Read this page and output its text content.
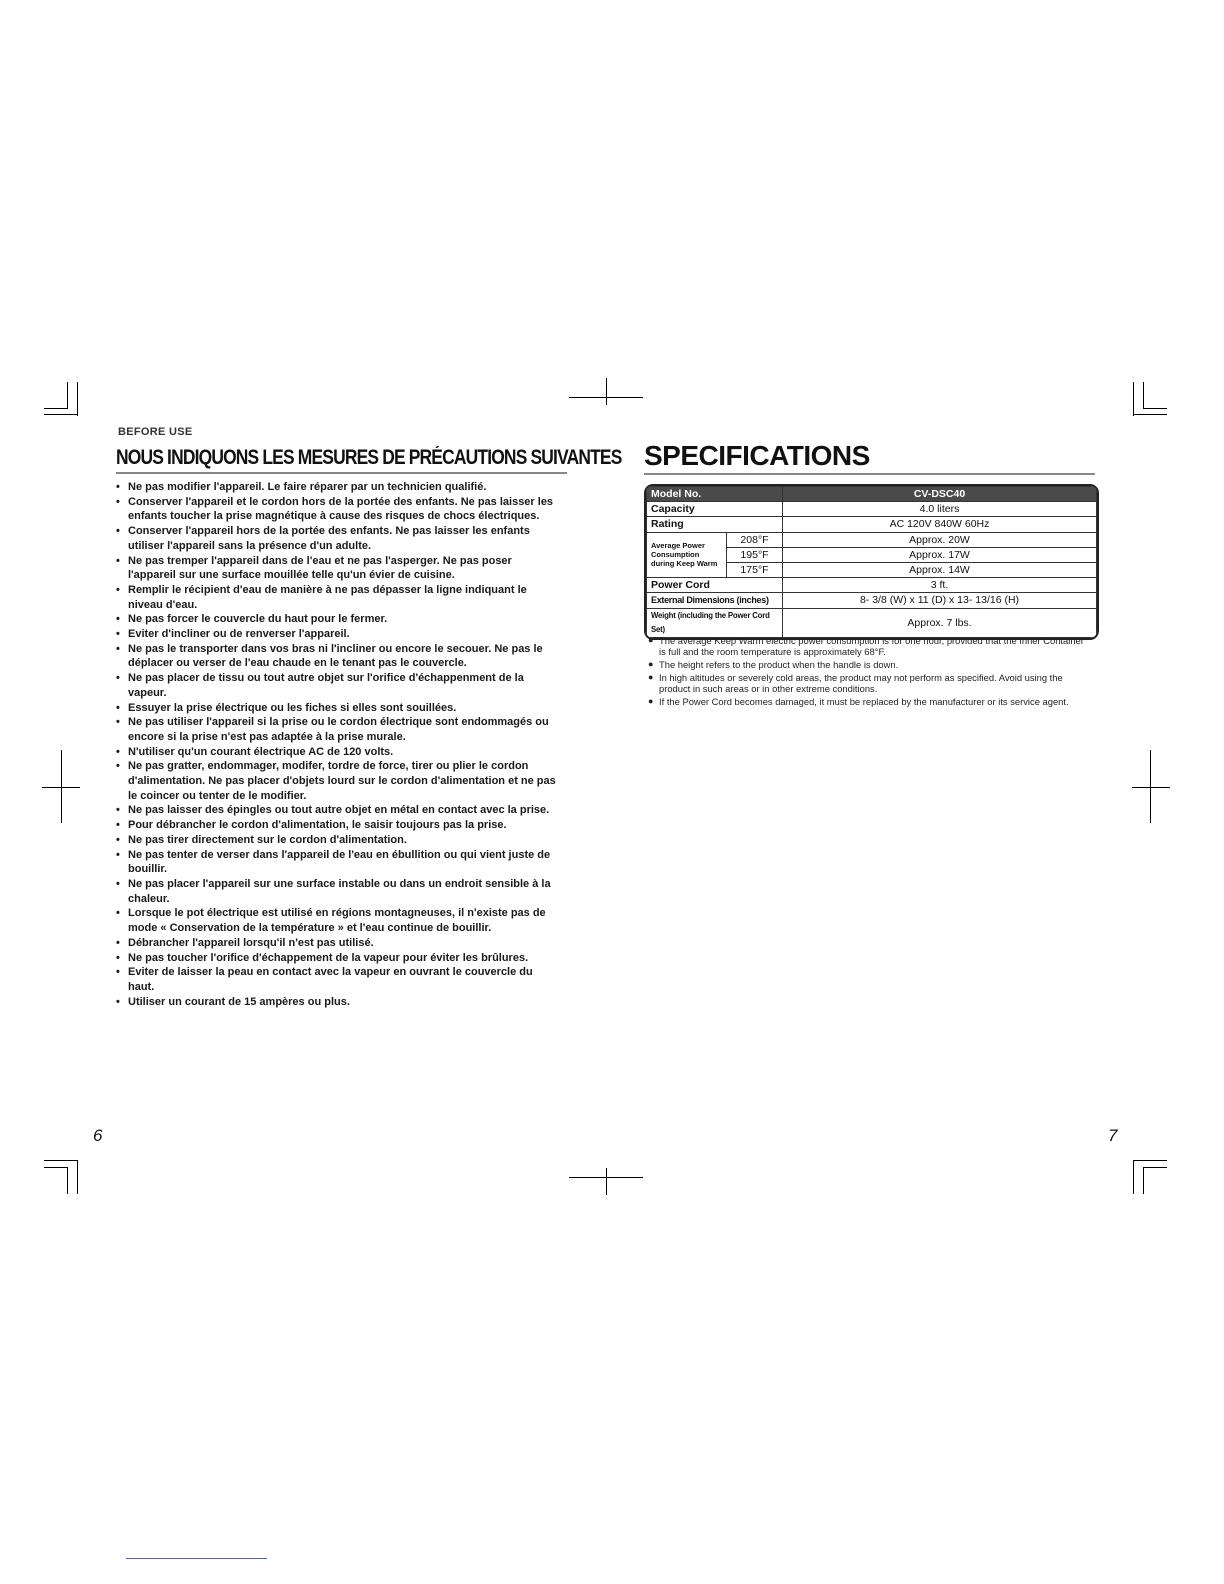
BEFORE USE
NOUS INDIQUONS LES MESURES DE PRÉCAUTIONS SUIVANTES
• Ne pas modifier l'appareil. Le faire réparer par un technicien qualifié.
• Conserver l'appareil et le cordon hors de la portée des enfants. Ne pas laisser les enfants toucher la prise magnétique à cause des risques de chocs électriques.
• Conserver l'appareil hors de la portée des enfants. Ne pas laisser les enfants utiliser l'appareil sans la présence d'un adulte.
• Ne pas tremper l'appareil dans de l'eau et ne pas l'asperger. Ne pas poser l'appareil sur une surface mouillée telle qu'un évier de cuisine.
• Remplir le récipient d'eau de manière à ne pas dépasser la ligne indiquant le niveau d'eau.
• Ne pas forcer le couvercle du haut pour le fermer.
• Eviter d'incliner ou de renverser l'appareil.
• Ne pas le transporter dans vos bras ni l'incliner ou encore le secouer. Ne pas le déplacer ou verser de l'eau chaude en le tenant pas le couvercle.
• Ne pas placer de tissu ou tout autre objet sur l'orifice d'échappenment de la vapeur.
• Essuyer la prise électrique ou les fiches si elles sont souillées.
• Ne pas utiliser l'appareil si la prise ou le cordon électrique sont endommagés ou encore si la prise n'est pas adaptée à la prise murale.
• N'utiliser qu'un courant électrique AC de 120 volts.
• Ne pas gratter, endommager, modifer, tordre de force, tirer ou plier le cordon d'alimentation. Ne pas placer d'objets lourd sur le cordon d'alimentation et ne pas le coincer ou tenter de le modifier.
• Ne pas laisser des épingles ou tout autre objet en métal en contact avec la prise.
• Pour débrancher le cordon d'alimentation, le saisir toujours pas la prise.
• Ne pas tirer directement sur le cordon d'alimentation.
• Ne pas tenter de verser dans l'appareil de l'eau en ébullition ou qui vient juste de bouillir.
• Ne pas placer l'appareil sur une surface instable ou dans un endroit sensible à la chaleur.
• Lorsque le pot électrique est utilisé en régions montagneuses, il n'existe pas de mode « Conservation de la température » et l'eau continue de bouillir.
• Débrancher l'appareil lorsqu'il n'est pas utilisé.
• Ne pas toucher l'orifice d'échappement de la vapeur pour éviter les brûlures.
• Eviter de laisser la peau en contact avec la vapeur en ouvrant le couvercle du haut.
• Utiliser un courant de 15 ampères ou plus.
6
SPECIFICATIONS
Model No.		CV-DSC40
Capacity		4.0 liters
Rating		AC 120V 840W 60Hz
Average Power Consumption during Keep Warm	208°F	Approx. 20W
	195°F	Approx. 17W
	175°F	Approx. 14W
Power Cord		3 ft.
External Dimensions (inches)		8- 3/8 (W) x 11 (D) x 13- 13/16 (H)
Weight (including the Power Cord Set)		Approx. 7 lbs.
● The average Keep Warm electric power consumption is for one hour, provided that the Inner Container is full and the room temperature is approximately 68°F.
● The height refers to the product when the handle is down.
● In high altitudes or severely cold areas, the product may not perform as specified. Avoid using the product in such areas or in other extreme conditions.
● If the Power Cord becomes damaged, it must be replaced by the manufacturer or its service agent.
7
